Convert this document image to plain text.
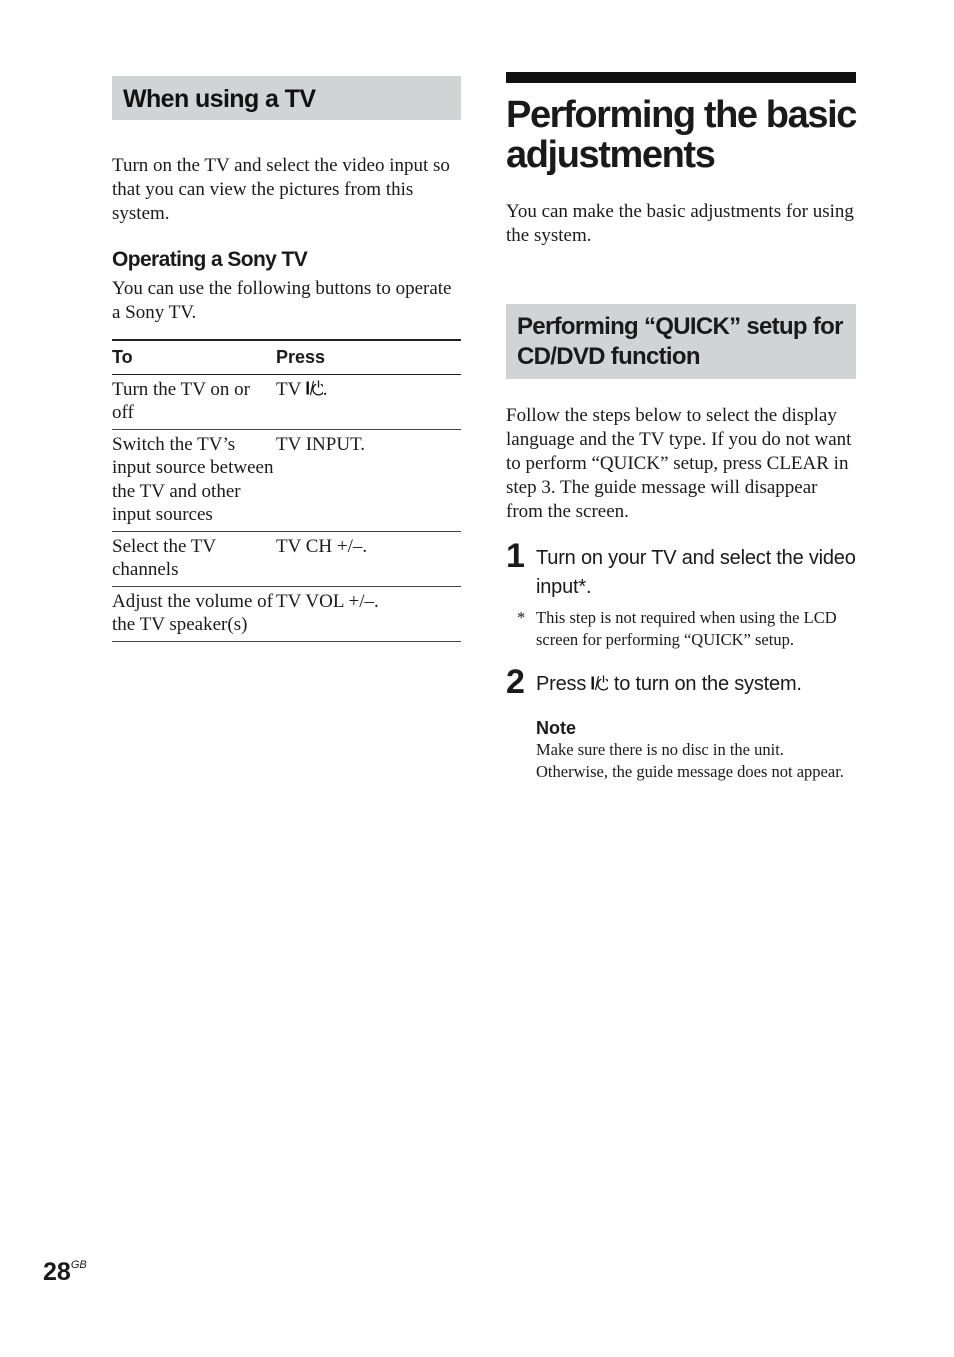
When using a TV

Turn on the TV and select the video input so that you can view the pictures from this system.

Operating a Sony TV

You can use the following buttons to operate a Sony TV.

To	Press
Turn the TV on or off	TV .
Switch the TV’s input source between the TV and other input sources	TV INPUT.
Select the TV channels	TV CH +/–.
Adjust the volume of the TV speaker(s)	TV VOL +/–.
Performing the basic adjustments

You can make the basic adjustments for using the system.

Performing “QUICK” setup for CD/DVD function

Follow the steps below to select the display language and the TV type. If you do not want to perform “QUICK” setup, press CLEAR in step 3. The guide message will disappear from the screen.

1 Turn on your TV and select the video input*.
* This step is not required when using the LCD screen for performing “QUICK” setup.
2 Press  to turn on the system.
Note
Make sure there is no disc in the unit. Otherwise, the guide message does not appear.
$28^{GB}$
